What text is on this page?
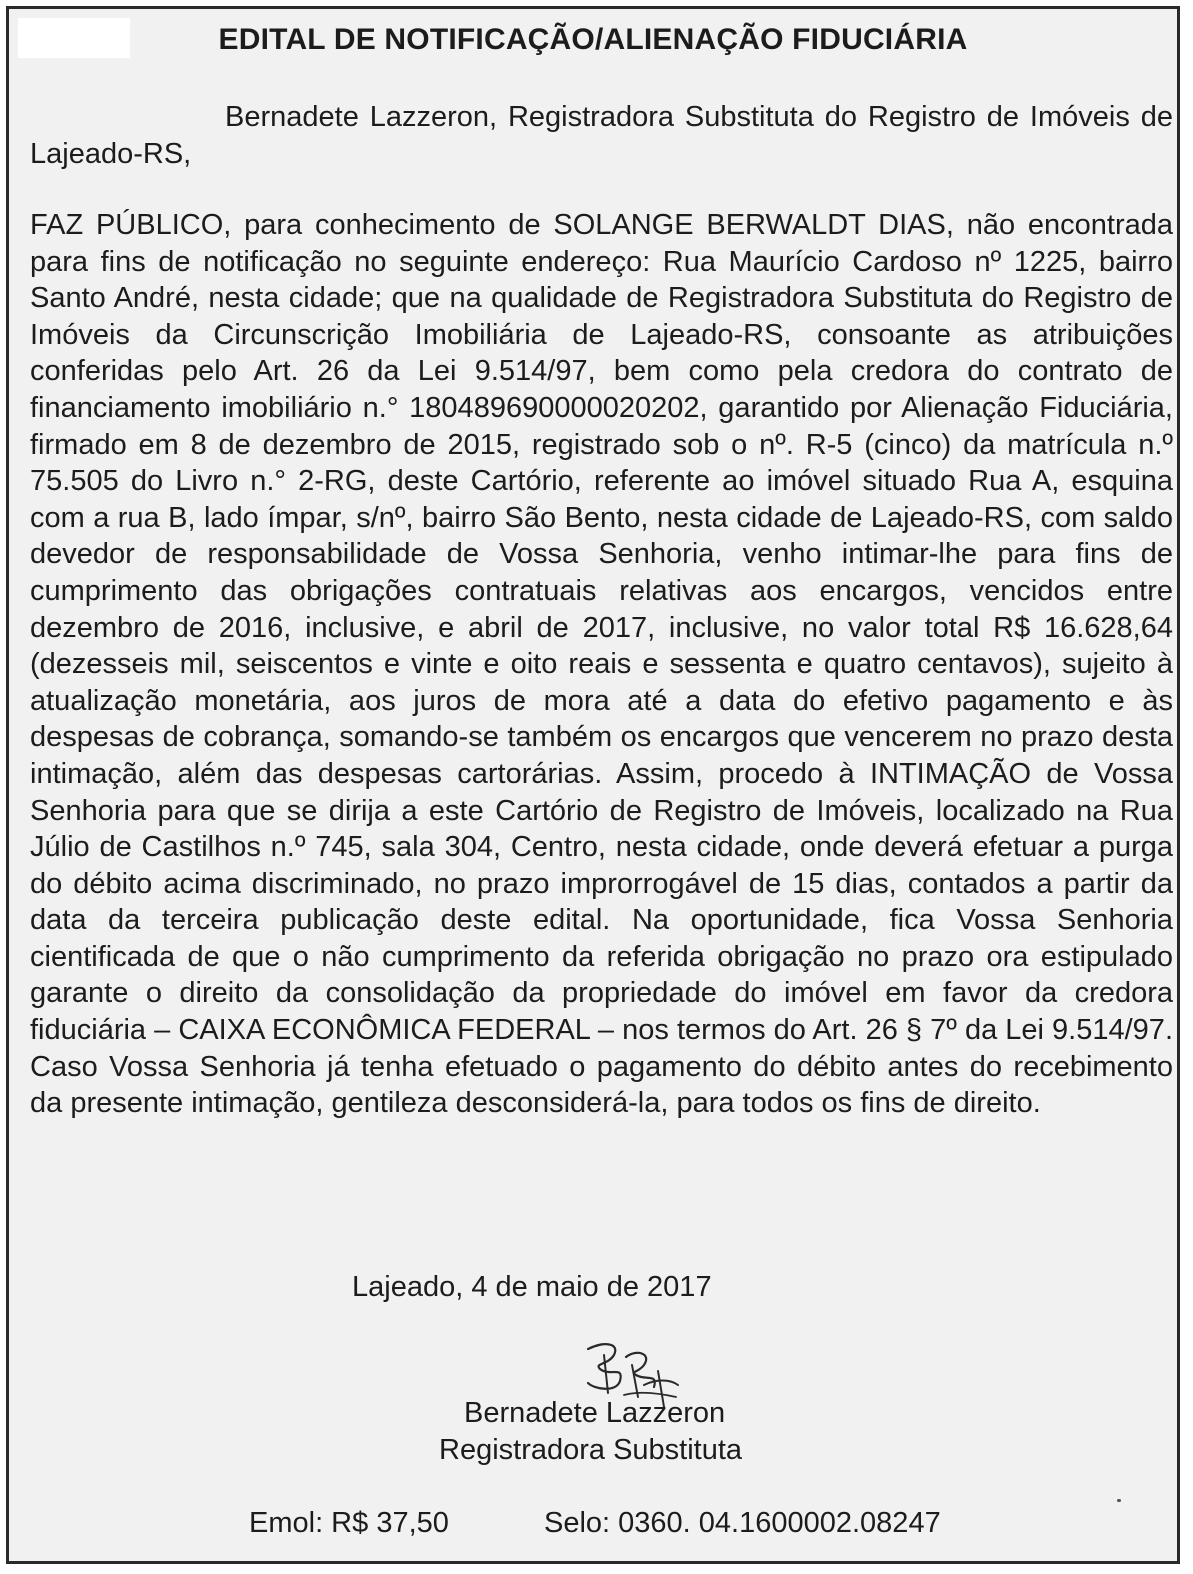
EDITAL DE NOTIFICAÇÃO/ALIENAÇÃO FIDUCIÁRIA
Bernadete Lazzeron, Registradora Substituta do Registro de Imóveis de Lajeado-RS,
FAZ PÚBLICO, para conhecimento de SOLANGE BERWALDT DIAS, não encontrada para fins de notificação no seguinte endereço: Rua Maurício Cardoso nº 1225, bairro Santo André, nesta cidade; que na qualidade de Registradora Substituta do Registro de Imóveis da Circunscrição Imobiliária de Lajeado-RS, consoante as atribuições conferidas pelo Art. 26 da Lei 9.514/97, bem como pela credora do contrato de financiamento imobiliário n.° 180489690000020202, garantido por Alienação Fiduciária, firmado em 8 de dezembro de 2015, registrado sob o nº. R-5 (cinco) da matrícula n.º 75.505 do Livro n.° 2-RG, deste Cartório, referente ao imóvel situado Rua A, esquina com a rua B, lado ímpar, s/nº, bairro São Bento, nesta cidade de Lajeado-RS, com saldo devedor de responsabilidade de Vossa Senhoria, venho intimar-lhe para fins de cumprimento das obrigações contratuais relativas aos encargos, vencidos entre dezembro de 2016, inclusive, e abril de 2017, inclusive, no valor total R$ 16.628,64 (dezesseis mil, seiscentos e vinte e oito reais e sessenta e quatro centavos), sujeito à atualização monetária, aos juros de mora até a data do efetivo pagamento e às despesas de cobrança, somando-se também os encargos que vencerem no prazo desta intimação, além das despesas cartorárias. Assim, procedo à INTIMAÇÃO de Vossa Senhoria para que se dirija a este Cartório de Registro de Imóveis, localizado na Rua Júlio de Castilhos n.º 745, sala 304, Centro, nesta cidade, onde deverá efetuar a purga do débito acima discriminado, no prazo improrrogável de 15 dias, contados a partir da data da terceira publicação deste edital. Na oportunidade, fica Vossa Senhoria cientificada de que o não cumprimento da referida obrigação no prazo ora estipulado garante o direito da consolidação da propriedade do imóvel em favor da credora fiduciária – CAIXA ECONÔMICA FEDERAL – nos termos do Art. 26 § 7º da Lei 9.514/97. Caso Vossa Senhoria já tenha efetuado o pagamento do débito antes do recebimento da presente intimação, gentileza desconsiderá-la, para todos os fins de direito.
Lajeado, 4 de maio de 2017
Bernadete Lazzeron
Registradora Substituta
Emol: R$ 37,50	Selo: 0360. 04.1600002.08247
